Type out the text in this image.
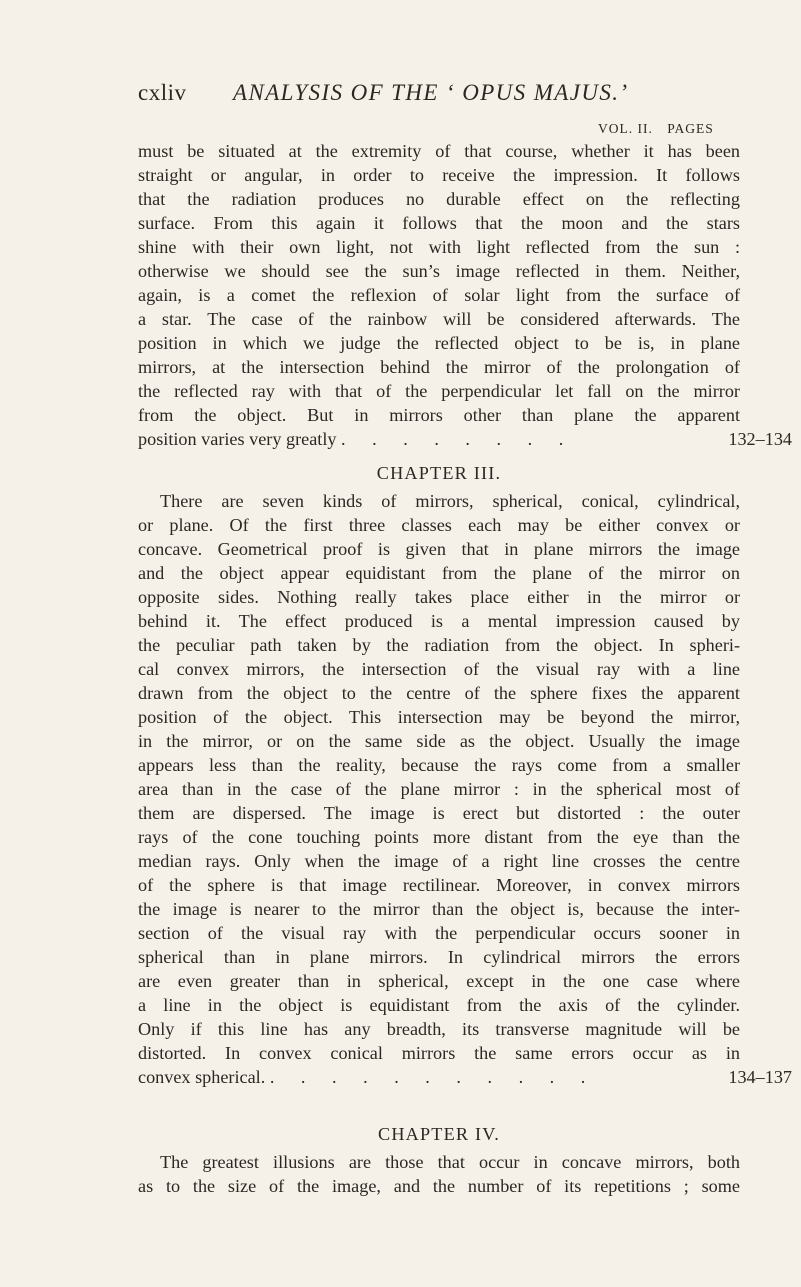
cxliv ANALYSIS OF THE ‘ OPUS MAJUS.’
VOL. II. PAGES
must be situated at the extremity of that course, whether it has been
straight or angular, in order to receive the impression. It follows
that the radiation produces no durable effect on the reflecting
surface. From this again it follows that the moon and the stars
shine with their own light, not with light reflected from the sun :
otherwise we should see the sun’s image reflected in them. Neither,
again, is a comet the reflexion of solar light from the surface of
a star. The case of the rainbow will be considered afterwards. The
position in which we judge the reflected object to be is, in plane
mirrors, at the intersection behind the mirror of the prolongation of
the reflected ray with that of the perpendicular let fall on the mirror
from the object. But in mirrors other than plane the apparent
position varies very greatly . . . . . . . .	132–134
CHAPTER III.
There are seven kinds of mirrors, spherical, conical, cylindrical,
or plane. Of the first three classes each may be either convex or
concave. Geometrical proof is given that in plane mirrors the image
and the object appear equidistant from the plane of the mirror on
opposite sides. Nothing really takes place either in the mirror or
behind it. The effect produced is a mental impression caused by
the peculiar path taken by the radiation from the object. In spheri-
cal convex mirrors, the intersection of the visual ray with a line
drawn from the object to the centre of the sphere fixes the apparent
position of the object. This intersection may be beyond the mirror,
in the mirror, or on the same side as the object. Usually the image
appears less than the reality, because the rays come from a smaller
area than in the case of the plane mirror : in the spherical most of
them are dispersed. The image is erect but distorted : the outer
rays of the cone touching points more distant from the eye than the
median rays. Only when the image of a right line crosses the centre
of the sphere is that image rectilinear. Moreover, in convex mirrors
the image is nearer to the mirror than the object is, because the inter-
section of the visual ray with the perpendicular occurs sooner in
spherical than in plane mirrors. In cylindrical mirrors the errors
are even greater than in spherical, except in the one case where
a line in the object is equidistant from the axis of the cylinder.
Only if this line has any breadth, its transverse magnitude will be
distorted. In convex conical mirrors the same errors occur as in
convex spherical. . . . . . . . . . . .	134–137
CHAPTER IV.
The greatest illusions are those that occur in concave mirrors, both
as to the size of the image, and the number of its repetitions ; some
